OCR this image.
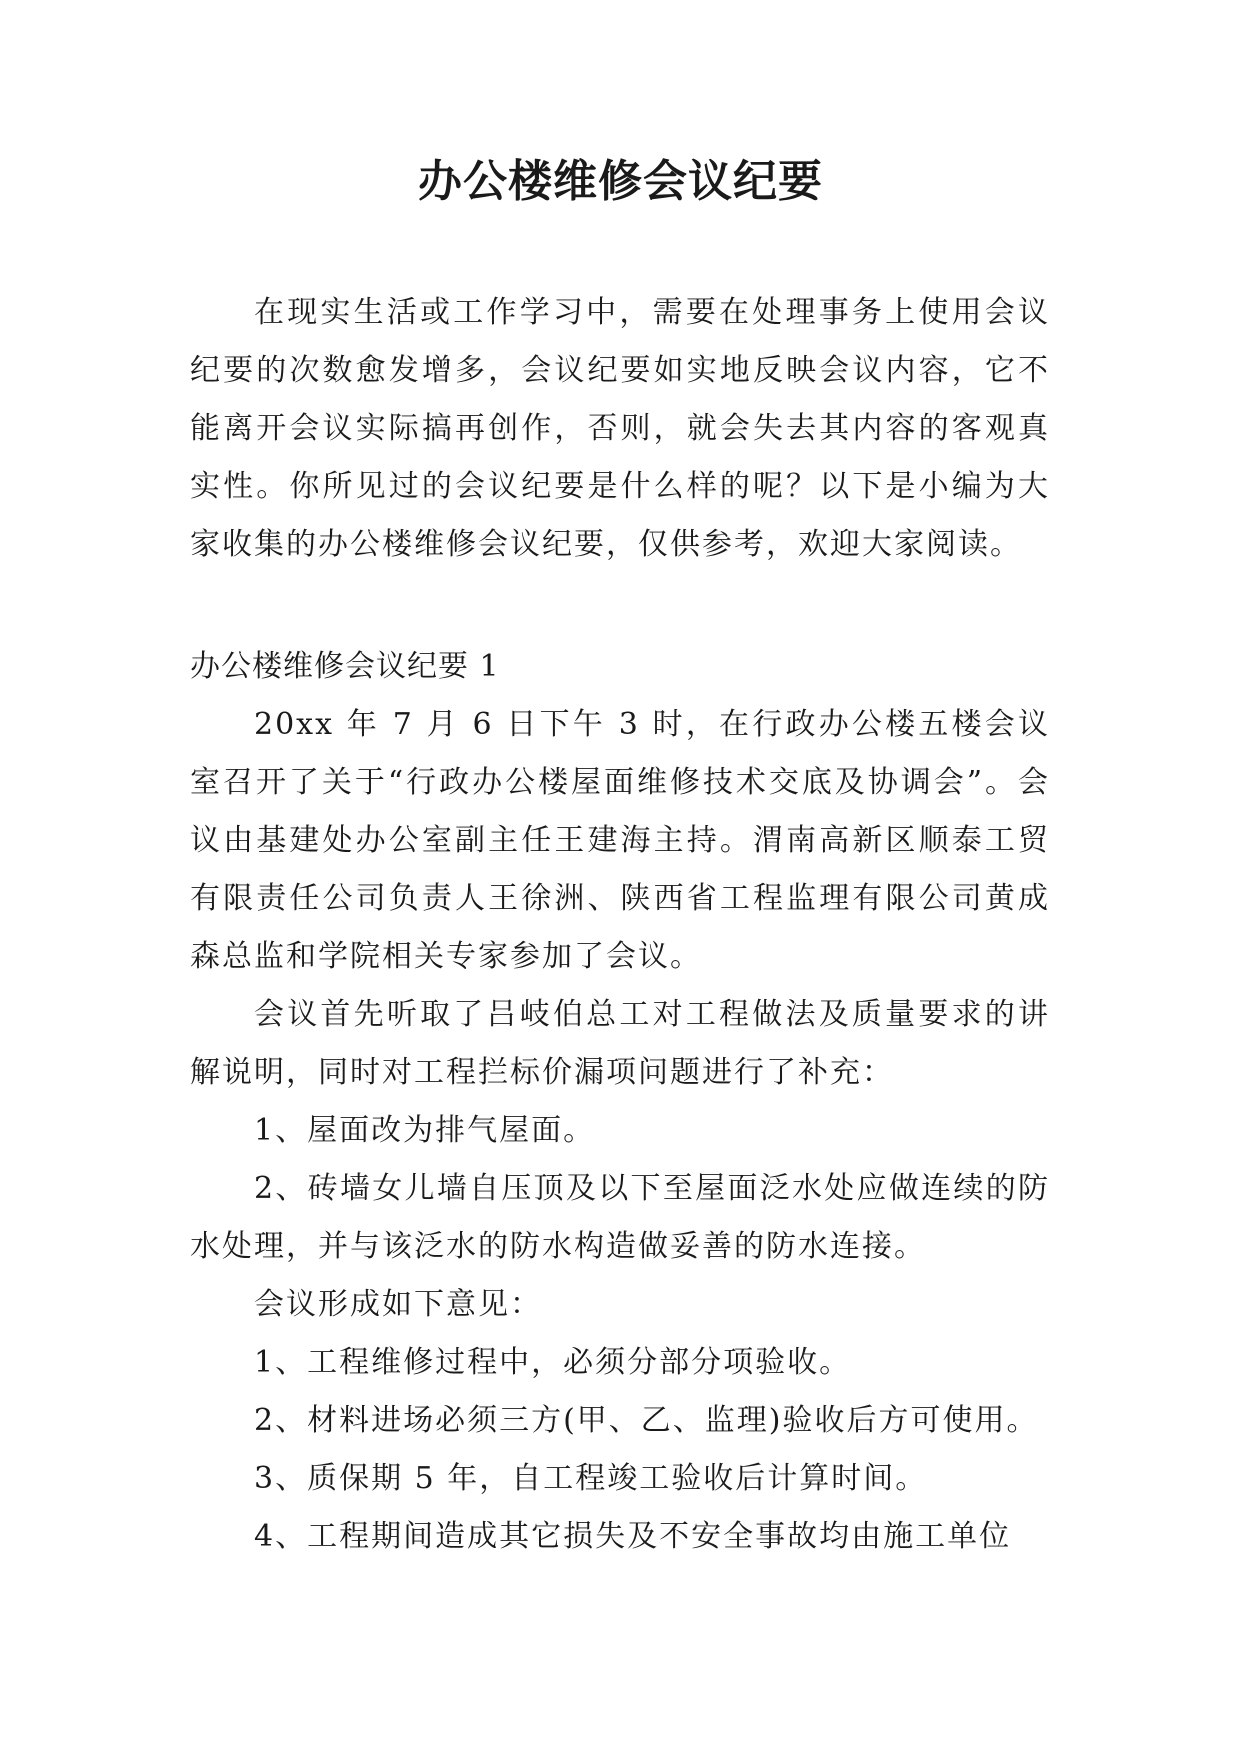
办公楼维修会议纪要

在现实生活或工作学习中，需要在处理事务上使用会议纪要的次数愈发增多，会议纪要如实地反映会议内容，它不能离开会议实际搞再创作，否则，就会失去其内容的客观真实性。你所见过的会议纪要是什么样的呢？以下是小编为大家收集的办公楼维修会议纪要，仅供参考，欢迎大家阅读。

办公楼维修会议纪要 1

20xx 年 7 月 6 日下午 3 时，在行政办公楼五楼会议室召开了关于“行政办公楼屋面维修技术交底及协调会”。会议由基建处办公室副主任王建海主持。渭南高新区顺泰工贸有限责任公司负责人王徐洲、陕西省工程监理有限公司黄成森总监和学院相关专家参加了会议。

会议首先听取了吕岐伯总工对工程做法及质量要求的讲解说明，同时对工程拦标价漏项问题进行了补充：

1、屋面改为排气屋面。

2、砖墙女儿墙自压顶及以下至屋面泛水处应做连续的防水处理，并与该泛水的防水构造做妥善的防水连接。

会议形成如下意见：

1、工程维修过程中，必须分部分项验收。

2、材料进场必须三方(甲、乙、监理)验收后方可使用。

3、质保期 5 年，自工程竣工验收后计算时间。

4、工程期间造成其它损失及不安全事故均由施工单位
